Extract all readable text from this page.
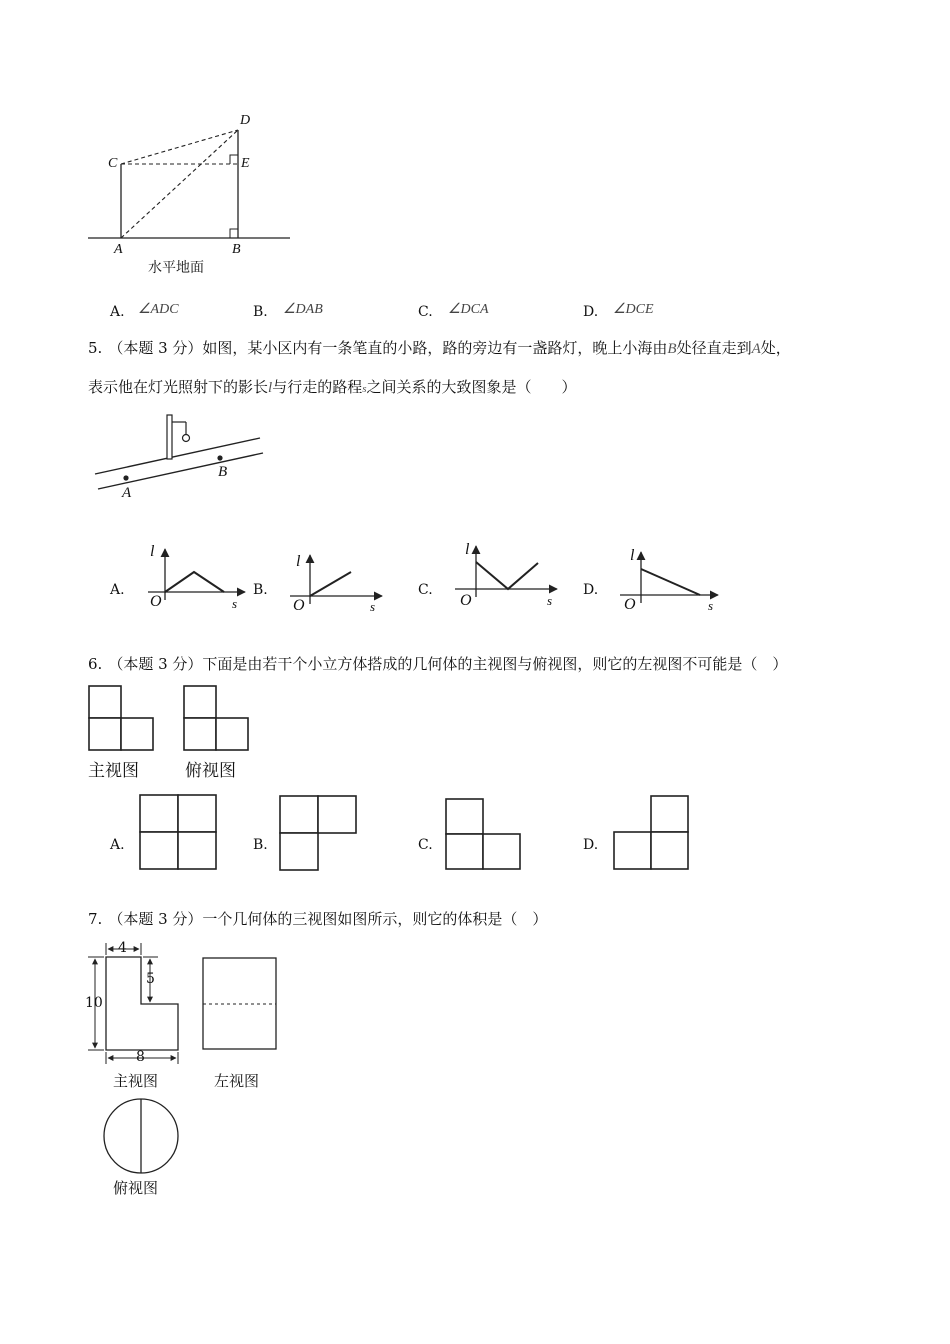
D
C	E
A	B
水平地面
A. ∠ADC	B. ∠DAB	C. ∠DCA	D. ∠DCE
5. （本题 3 分）如图，某小区内有一条笔直的小路，路的旁边有一盏路灯，晚上小海由B处径直走到A处，
表示他在灯光照射下的影长l与行走的路程s之间关系的大致图象是（　　）
A
B
A.
l
O	s
B.
l
O	s
C.
l
O	s
D.
l
O	s
6. （本题 3 分）下面是由若干个小立方体搭成的几何体的主视图与俯视图，则它的左视图不可能是（　）
主视图	俯视图
A.	B.	C.	D.
7. （本题 3 分）一个几何体的三视图如图所示，则它的体积是（　）
4
5
10
8
主视图	左视图
俯视图
